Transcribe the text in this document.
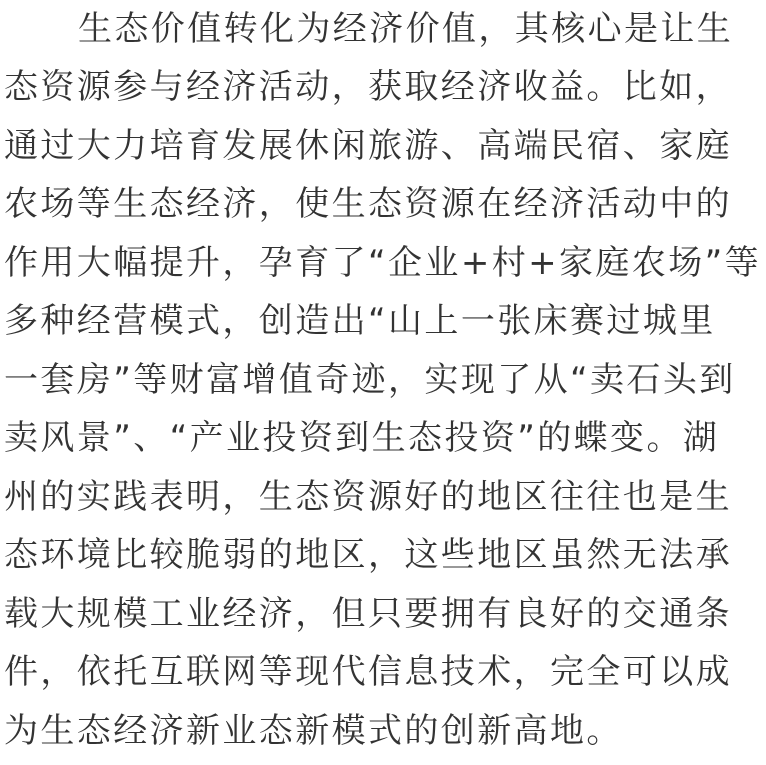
生态价值转化为经济价值，其核心是让生
态资源参与经济活动，获取经济收益。比如，
通过大力培育发展休闲旅游、高端民宿、家庭
农场等生态经济，使生态资源在经济活动中的
作用大幅提升，孕育了“企业+村+家庭农场”等
多种经营模式，创造出“山上一张床赛过城里
一套房”等财富增值奇迹，实现了从“卖石头到
卖风景”、“产业投资到生态投资”的蝶变。湖
州的实践表明，生态资源好的地区往往也是生
态环境比较脆弱的地区，这些地区虽然无法承
载大规模工业经济，但只要拥有良好的交通条
件，依托互联网等现代信息技术，完全可以成
为生态经济新业态新模式的创新高地。
